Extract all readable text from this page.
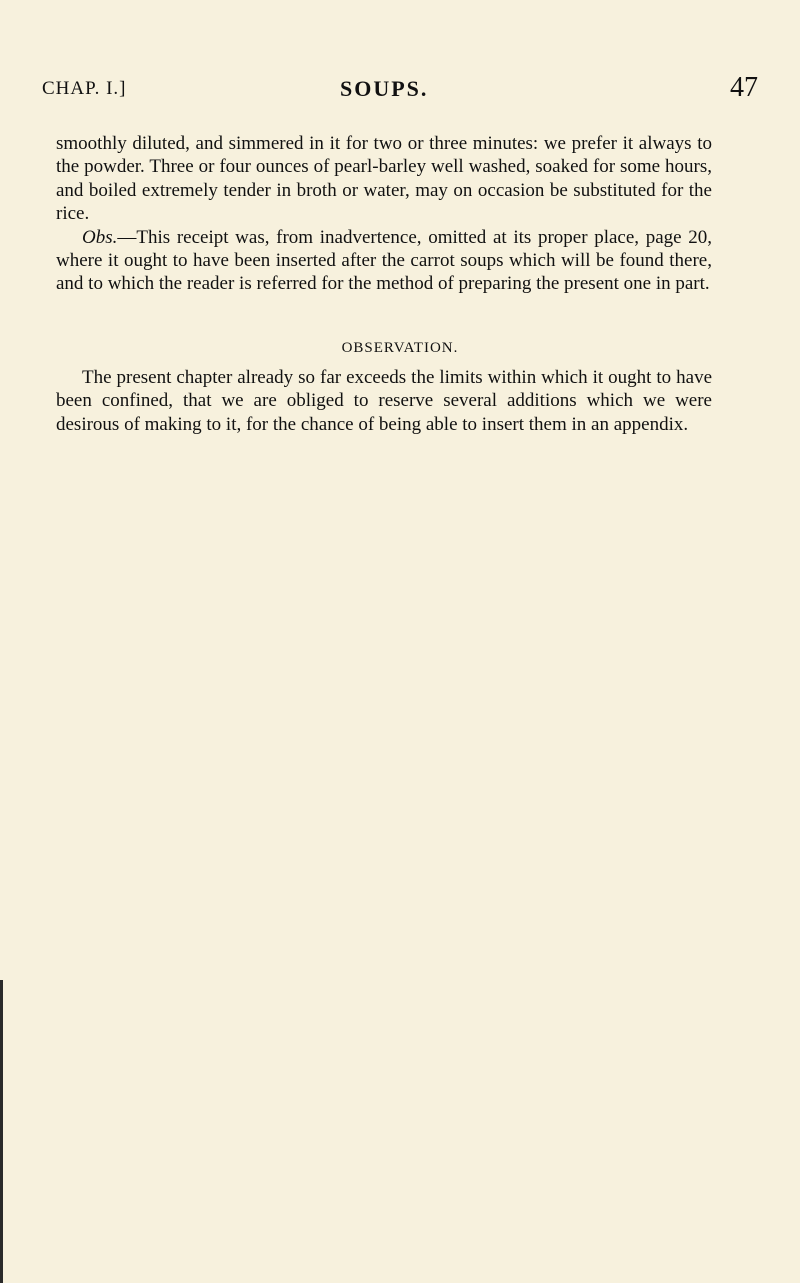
CHAP. I.]	SOUPS.	47

smoothly diluted, and simmered in it for two or three minutes: we prefer it always to the powder. Three or four ounces of pearl-barley well washed, soaked for some hours, and boiled extremely tender in broth or water, may on occasion be substituted for the rice.

Obs.—This receipt was, from inadvertence, omitted at its proper place, page 20, where it ought to have been inserted after the carrot soups which will be found there, and to which the reader is referred for the method of preparing the present one in part.

OBSERVATION.

The present chapter already so far exceeds the limits within which it ought to have been confined, that we are obliged to reserve several additions which we were desirous of making to it, for the chance of being able to insert them in an appendix.
